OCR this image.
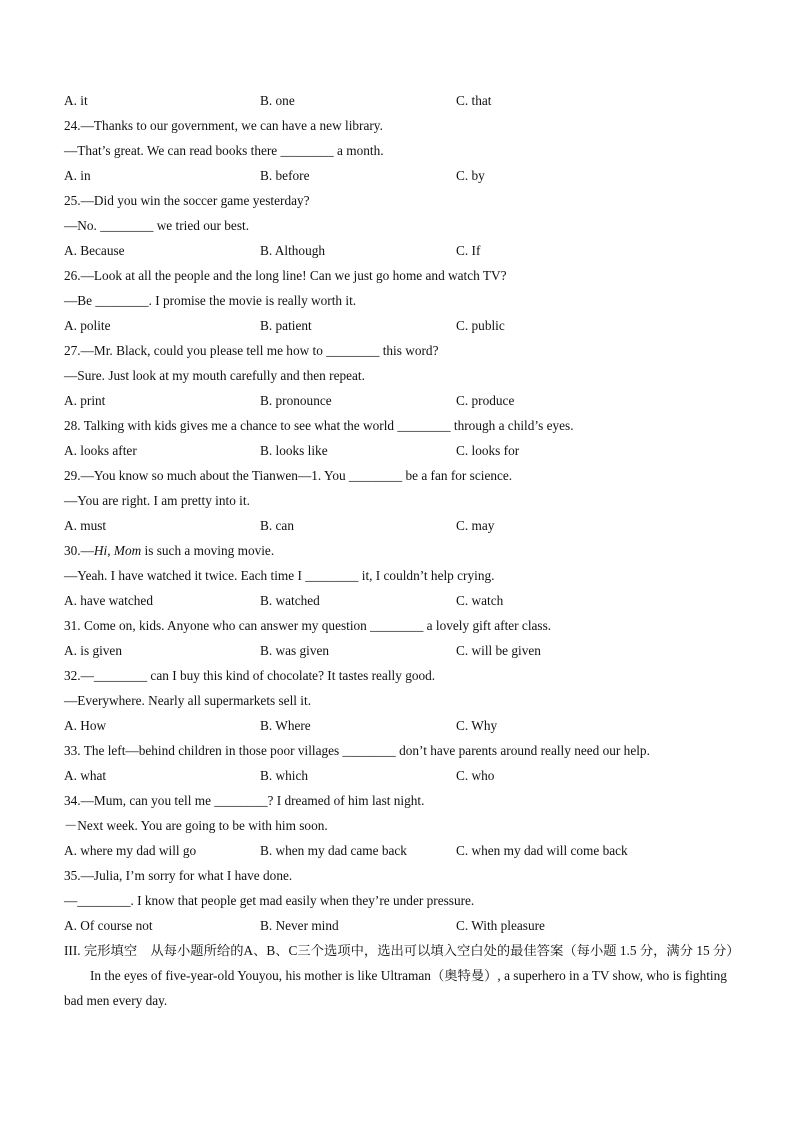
A. it	B. one	C. that
24.—Thanks to our government, we can have a new library.
—That’s great. We can read books there ________ a month.
A. in	B. before	C. by
25.—Did you win the soccer game yesterday?
—No. ________ we tried our best.
A. Because	B. Although	C. If
26.—Look at all the people and the long line! Can we just go home and watch TV?
—Be ________. I promise the movie is really worth it.
A. polite	B. patient	C. public
27.—Mr. Black, could you please tell me how to ________ this word?
—Sure. Just look at my mouth carefully and then repeat.
A. print	B. pronounce	C. produce
28. Talking with kids gives me a chance to see what the world ________ through a child’s eyes.
A. looks after	B. looks like	C. looks for
29.—You know so much about the Tianwen—1. You ________ be a fan for science.
—You are right. I am pretty into it.
A. must	B. can	C. may
30.—Hi, Mom is such a moving movie.
—Yeah. I have watched it twice. Each time I ________ it, I couldn’t help crying.
A. have watched	B. watched	C. watch
31. Come on, kids. Anyone who can answer my question ________ a lovely gift after class.
A. is given	B. was given	C. will be given
32.—________ can I buy this kind of chocolate? It tastes really good.
—Everywhere. Nearly all supermarkets sell it.
A. How	B. Where	C. Why
33. The left—behind children in those poor villages ________ don’t have parents around really need our help.
A. what	B. which	C. who
34.—Mum, can you tell me ________? I dreamed of him last night.
－Next week. You are going to be with him soon.
A. where my dad will go	B. when my dad came back	C. when my dad will come back
35.—Julia, I’m sorry for what I have done.
—________. I know that people get mad easily when they’re under pressure.
A. Of course not	B. Never mind	C. With pleasure
III. 完形填空　从每小题所给的A、B、C三个选项中，选出可以填入空白处的最佳答案（每小题 1.5 分，满分 15 分）
In the eyes of five-year-old Youyou, his mother is like Ultraman（奥特曼）, a superhero in a TV show, who is fighting bad men every day.
